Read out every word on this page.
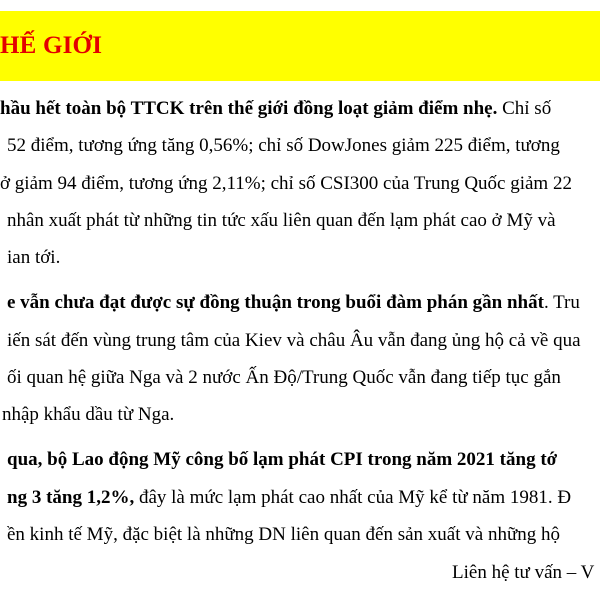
HẾ GIỚI
hầu hết toàn bộ TTCK trên thế giới đồng loạt giảm điểm nhẹ. Chỉ số
52 điểm, tương ứng tăng 0,56%; chỉ số DowJones giảm 225 điểm, tương
ở giảm 94 điểm, tương ứng 2,11%; chỉ số CSI300 của Trung Quốc giảm 22
nhân xuất phát từ những tin tức xấu liên quan đến lạm phát cao ở Mỹ và
ian tới.
e vẫn chưa đạt được sự đồng thuận trong buổi đàm phán gần nhất. Tru
iến sát đến vùng trung tâm của Kiev và châu Âu vẫn đang ủng hộ cả về qua
ối quan hệ giữa Nga và 2 nước Ấn Độ/Trung Quốc vẫn đang tiếp tục gắn
nhập khẩu dầu từ Nga.
qua, bộ Lao động Mỹ công bố lạm phát CPI trong năm 2021 tăng tớ
ng 3 tăng 1,2%, đây là mức lạm phát cao nhất của Mỹ kể từ năm 1981. Đ
ền kinh tế Mỹ, đặc biệt là những DN liên quan đến sản xuất và những hộ
Liên hệ tư vấn – V
